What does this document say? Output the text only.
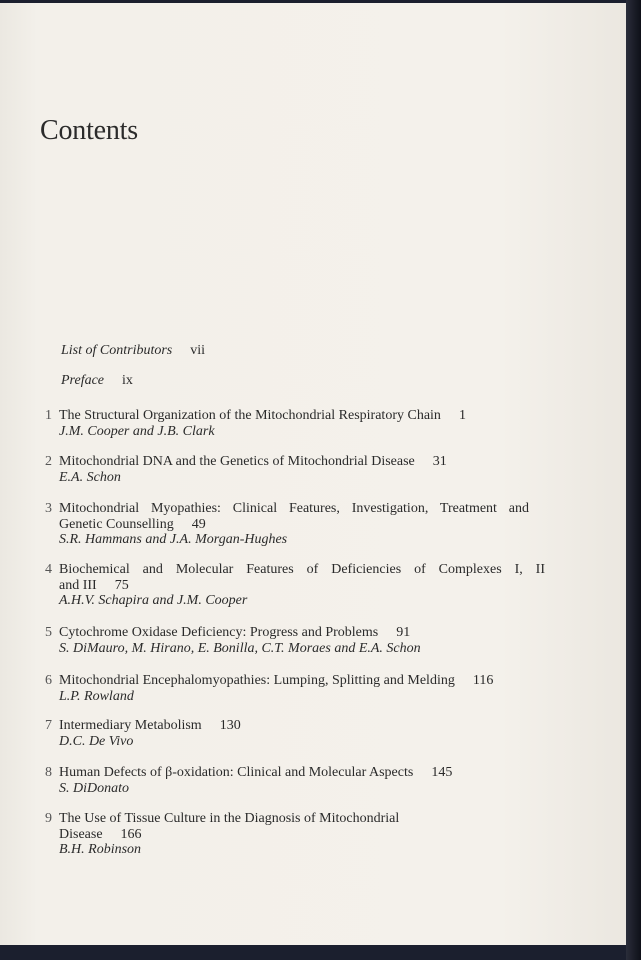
Contents
List of Contributors vii
Preface ix
1 The Structural Organization of the Mitochondrial Respiratory Chain 1
J.M. Cooper and J.B. Clark
2 Mitochondrial DNA and the Genetics of Mitochondrial Disease 31
E.A. Schon
3 Mitochondrial Myopathies: Clinical Features, Investigation, Treatment and
Genetic Counselling 49
S.R. Hammans and J.A. Morgan-Hughes
4 Biochemical and Molecular Features of Deficiencies of Complexes I, II
and III 75
A.H.V. Schapira and J.M. Cooper
5 Cytochrome Oxidase Deficiency: Progress and Problems 91
S. DiMauro, M. Hirano, E. Bonilla, C.T. Moraes and E.A. Schon
6 Mitochondrial Encephalomyopathies: Lumping, Splitting and Melding 116
L.P. Rowland
7 Intermediary Metabolism 130
D.C. De Vivo
8 Human Defects of β-oxidation: Clinical and Molecular Aspects 145
S. DiDonato
9 The Use of Tissue Culture in the Diagnosis of Mitochondrial
Disease 166
B.H. Robinson
